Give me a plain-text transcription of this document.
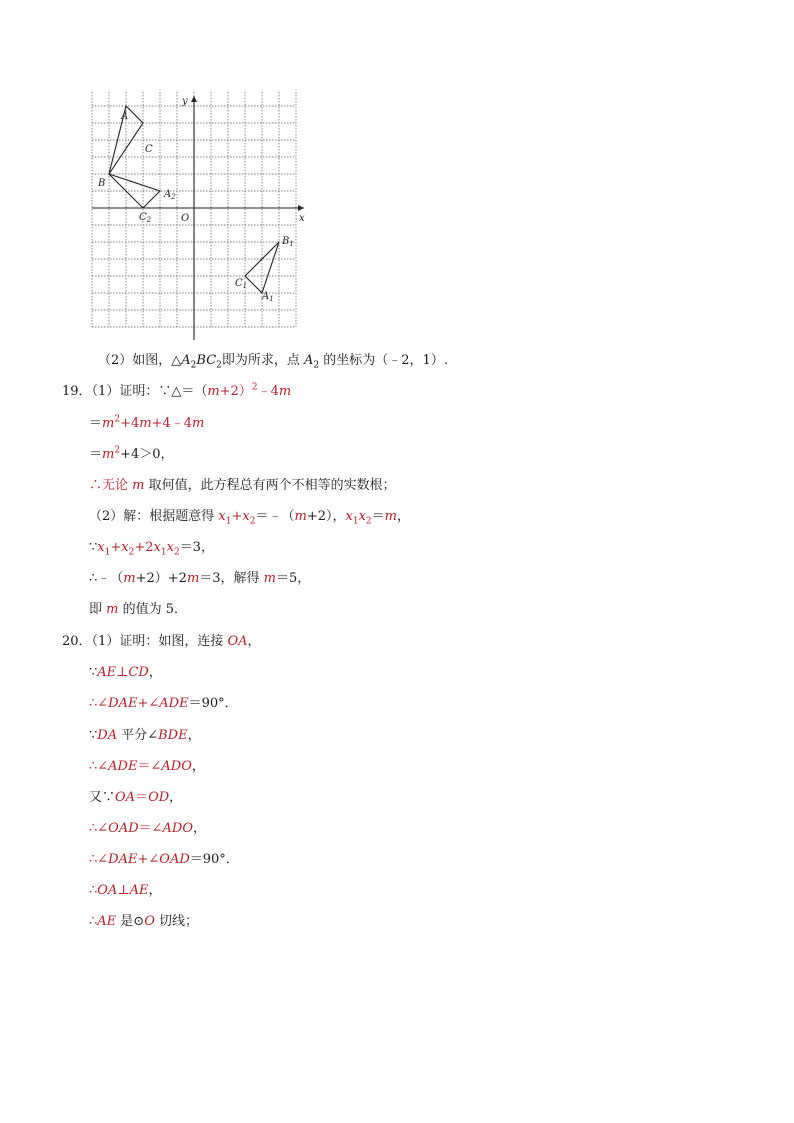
x
y
O
A
C
B
$A_2$
$C_2$
$B_1$
$C_1$
$A_1$
（2）如图，$\triangle A_2BC_2$即为所求，点 $A_2$ 的坐标为（﹣2，1）.
19．（1）证明：$\because\triangle=(m+2)^2﹣4m$
$=m^2+4m+4﹣4m$
$=m^2+4>0$，
∴无论 m 取何值，此方程总有两个不相等的实数根；
（2）解：根据题意得 $x_1+x_2=﹣(m+2)$，$x_1x_2=m$，
$\because x_1+x_2+2x_1x_2=3$，
∴﹣（m+2）+2m＝3，解得 m＝5，
即 m 的值为 5．
20．（1）证明：如图，连接 OA，
∵AE⊥CD，
∴∠DAE+∠ADE＝90°．
∵DA 平分∠BDE，
∴∠ADE＝∠ADO，
又∵OA＝OD，
∴∠OAD＝∠ADO，
∴∠DAE+∠OAD＝90°．
∴OA⊥AE，
∴AE 是⊙O 切线；
